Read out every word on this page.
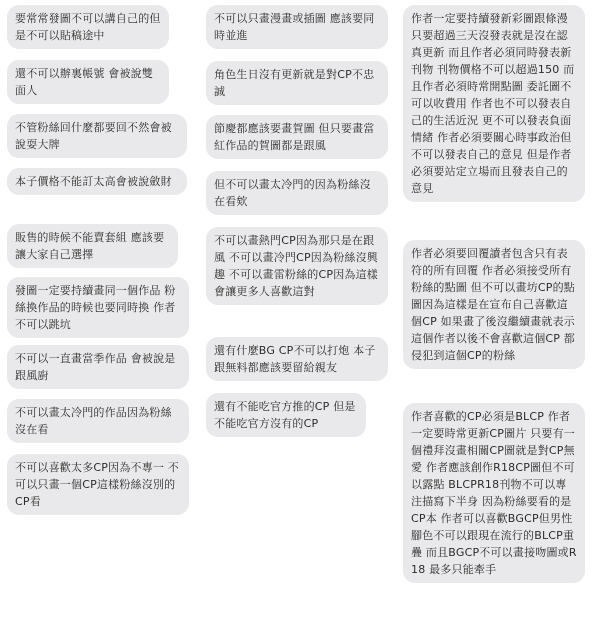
要常常發圖不可以講自己的但是不可以貼稿途中
還不可以辦裏帳號 會被說雙面人
不管粉絲回什麼都要回不然會被說耍大牌
本子價格不能訂太高會被說斂財
販售的時候不能賣套組 應該要讓大家自己選擇
發圖一定要持續畫同一個作品 粉絲換作品的時候也要同時換 作者不可以跳坑
不可以一直畫當季作品 會被說是跟風廚
不可以畫太冷門的作品因為粉絲沒在看
不可以喜歡太多CP因為不專一 不可以只畫一個CP這樣粉絲沒別的CP看
不可以只畫漫畫或插圖 應該要同時並進
角色生日沒有更新就是對CP不忠誠
節慶都應該要畫賀圖 但只要畫當紅作品的賀圖都是跟風
但不可以畫太冷門的因為粉絲沒在看欸
不可以畫熱門CP因為那只是在跟風 不可以畫冷門CP因為粉絲沒興趣 不可以畫雷粉絲的CP因為這樣會讓更多人喜歡這對
還有什麼BG CP不可以打炮 本子跟無料都應該要留給親友
還有不能吃官方推的CP 但是不能吃官方沒有的CP
作者一定要持續發新彩圖跟條漫 只要超過三天沒發表就是沒在認真更新 而且作者必須同時發表新刊物 刊物價格不可以超過150 而且作者必須時常開點圖 委託圖不可以收費用 作者也不可以發表自己的生活近況 更不可以發表負面情緒 作者必須要關心時事政治但不可以發表自己的意見 但是作者必須要站定立場而且發表自己的意見
作者必須要回覆讀者包含只有表符的所有回覆 作者必須接受所有粉絲的點圖 但不可以畫坊CP的點圖因為這樣是在宣布自己喜歡這個CP 如果畫了後沒繼續畫就表示這個作者以後不會喜歡這個CP 都侵犯到這個CP的粉絲
作者喜歡的CP必須是BLCP 作者一定要時常更新CP圖片 只要有一個禮拜沒畫相關CP圖就是對CP無愛 作者應該創作R18CP圖但不可以露點 BLCPR18刊物不可以專注描寫下半身 因為粉絲要看的是CP本 作者可以喜歡BGCP但男性腳色不可以跟現在流行的BLCP重疊 而且BGCP不可以畫接吻圖或R18 最多只能牽手
